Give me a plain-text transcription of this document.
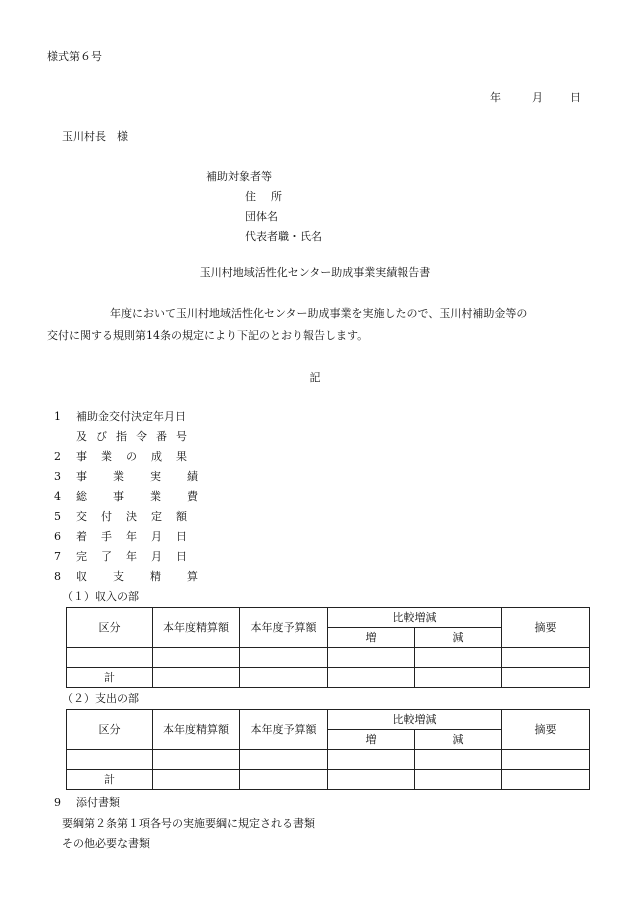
様式第６号
年	月 日
玉川村長　様
補助対象者等
住　所
団体名
代表者職・氏名
玉川村地域活性化センター助成事業実績報告書
年度において玉川村地域活性化センター助成事業を実施したので、玉川村補助金等の
交付に関する規則第14条の規定により下記のとおり報告します。
記
1	補助金交付決定年月日
及び指令番号
2	事業の成果
3	事業実績
4	総事業費
5	交付決定額
6	着手年月日
7	完了年月日
8	収支精算
（１）収入の部
区分	本年度精算額	本年度予算額	比較増減		摘要
			増	減	

計					
（２）支出の部
区分	本年度精算額	本年度予算額	比較増減		摘要
			増	減	

計					
9	添付書類
要綱第２条第１項各号の実施要綱に規定される書類
その他必要な書類
